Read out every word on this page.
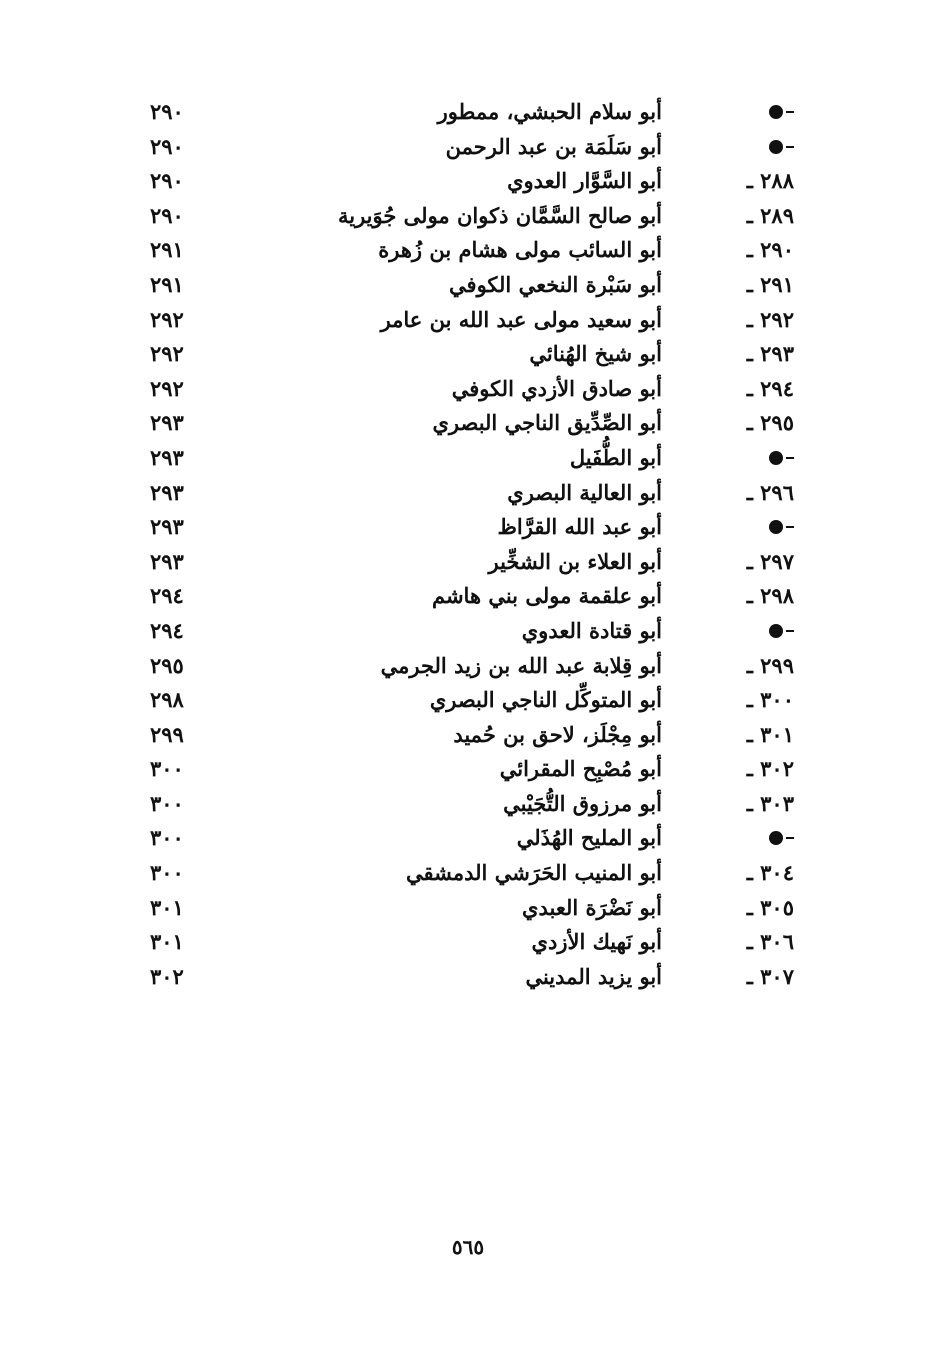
أبو سلام الحبشي، ممطور
٢٩٠
أبو سَلَمَة بن عبد الرحمن
٢٩٠
٢٨٨ ـ
أبو السَّوَّار العدوي
٢٩٠
٢٨٩ ـ
أبو صالح السَّمَّان ذكوان مولى جُوَيرية
٢٩٠
٢٩٠ ـ
أبو السائب مولى هشام بن زُهرة
٢٩١
٢٩١ ـ
أبو سَبْرة النخعي الكوفي
٢٩١
٢٩٢ ـ
أبو سعيد مولى عبد الله بن عامر
٢٩٢
٢٩٣ ـ
أبو شيخ الهُنائي
٢٩٢
٢٩٤ ـ
أبو صادق الأزدي الكوفي
٢٩٢
٢٩٥ ـ
أبو الصِّدِّيق الناجي البصري
٢٩٣
أبو الطُّفَيل
٢٩٣
٢٩٦ ـ
أبو العالية البصري
٢٩٣
أبو عبد الله القرَّاظ
٢٩٣
٢٩٧ ـ
أبو العلاء بن الشخِّير
٢٩٣
٢٩٨ ـ
أبو علقمة مولى بني هاشم
٢٩٤
أبو قتادة العدوي
٢٩٤
٢٩٩ ـ
أبو قِلابة عبد الله بن زيد الجرمي
٢٩٥
٣٠٠ ـ
أبو المتوكِّل الناجي البصري
٢٩٨
٣٠١ ـ
أبو مِجْلَز، لاحق بن حُميد
٢٩٩
٣٠٢ ـ
أبو مُصْبِح المقرائي
٣٠٠
٣٠٣ ـ
أبو مرزوق التُّجَيْبي
٣٠٠
أبو المليح الهُذَلي
٣٠٠
٣٠٤ ـ
أبو المنيب الحَرَشي الدمشقي
٣٠٠
٣٠٥ ـ
أبو نَضْرَة العبدي
٣٠١
٣٠٦ ـ
أبو نَهيك الأزدي
٣٠١
٣٠٧ ـ
أبو يزيد المديني
٣٠٢
٥٦٥
